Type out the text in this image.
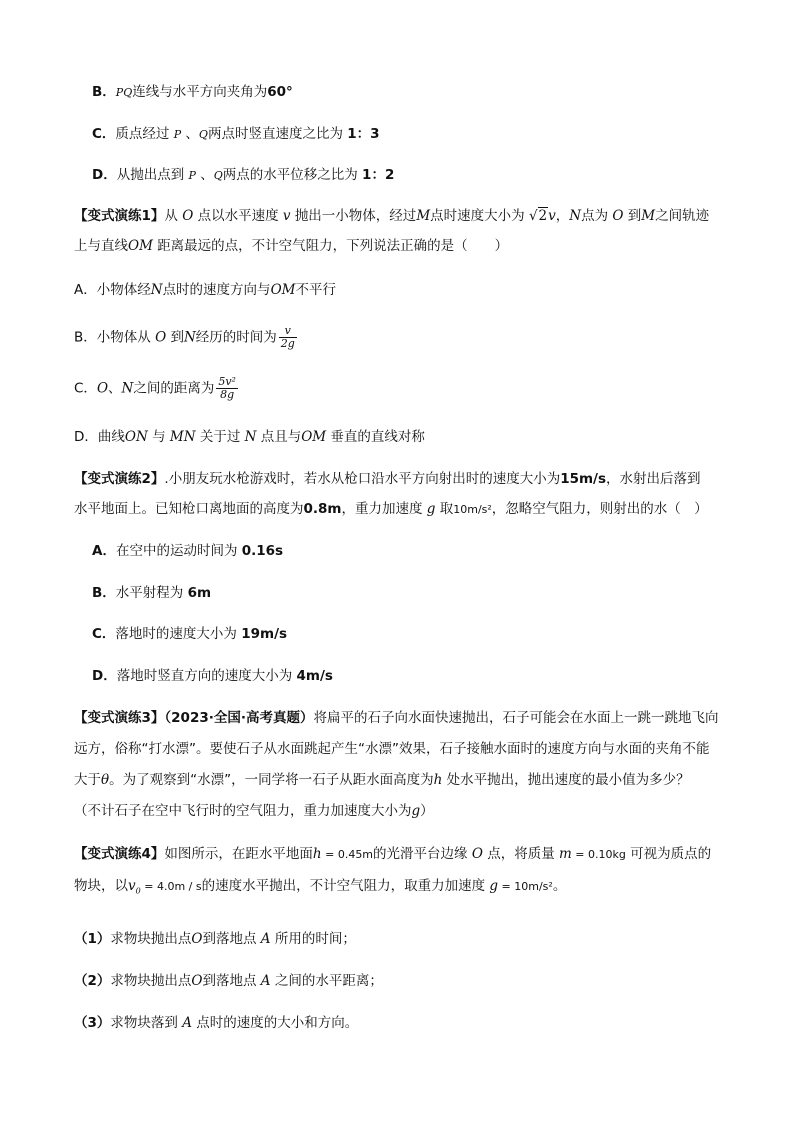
B．PQ连线与水平方向夹角为60°
C．质点经过 P 、Q两点时竖直速度之比为 1：3
D．从抛出点到 P 、Q两点的水平位移之比为 1：2
【变式演练1】从 O 点以水平速度 v 抛出一小物体，经过M点时速度大小为 √2v，N点为 O 到M之间轨迹
上与直线OM 距离最远的点，不计空气阻力，下列说法正确的是（　　）
A．小物体经N点时的速度方向与OM不平行
B．小物体从 O 到N经历的时间为 $\frac{v}{2g}$
C．O、N之间的距离为 $\frac{\text{5v²}}{8g}$
D．曲线ON 与 MN 关于过 N 点且与OM 垂直的直线对称
【变式演练2】.小朋友玩水枪游戏时，若水从枪口沿水平方向射出时的速度大小为15m/s，水射出后落到
水平地面上。已知枪口离地面的高度为0.8m，重力加速度 g 取10m/s²，忽略空气阻力，则射出的水（　）
A．在空中的运动时间为 0.16s
B．水平射程为 6m
C．落地时的速度大小为 19m/s
D．落地时竖直方向的速度大小为 4m/s
【变式演练3】（2023·全国·高考真题）将扁平的石子向水面快速抛出，石子可能会在水面上一跳一跳地飞向
远方，俗称“打水漂”。要使石子从水面跳起产生“水漂”效果，石子接触水面时的速度方向与水面的夹角不能
大于θ。为了观察到“水漂”，一同学将一石子从距水面高度为h 处水平抛出，抛出速度的最小值为多少？
（不计石子在空中飞行时的空气阻力，重力加速度大小为g）
【变式演练4】如图所示，在距水平地面h = 0.45m的光滑平台边缘 O 点，将质量 m = 0.10kg 可视为质点的
物块，以$v_0 = 4.0m / s$的速度水平抛出，不计空气阻力，取重力加速度 g = 10m/s²。
（1）求物块抛出点O到落地点 A 所用的时间；
（2）求物块抛出点O到落地点 A 之间的水平距离；
（3）求物块落到 A 点时的速度的大小和方向。
